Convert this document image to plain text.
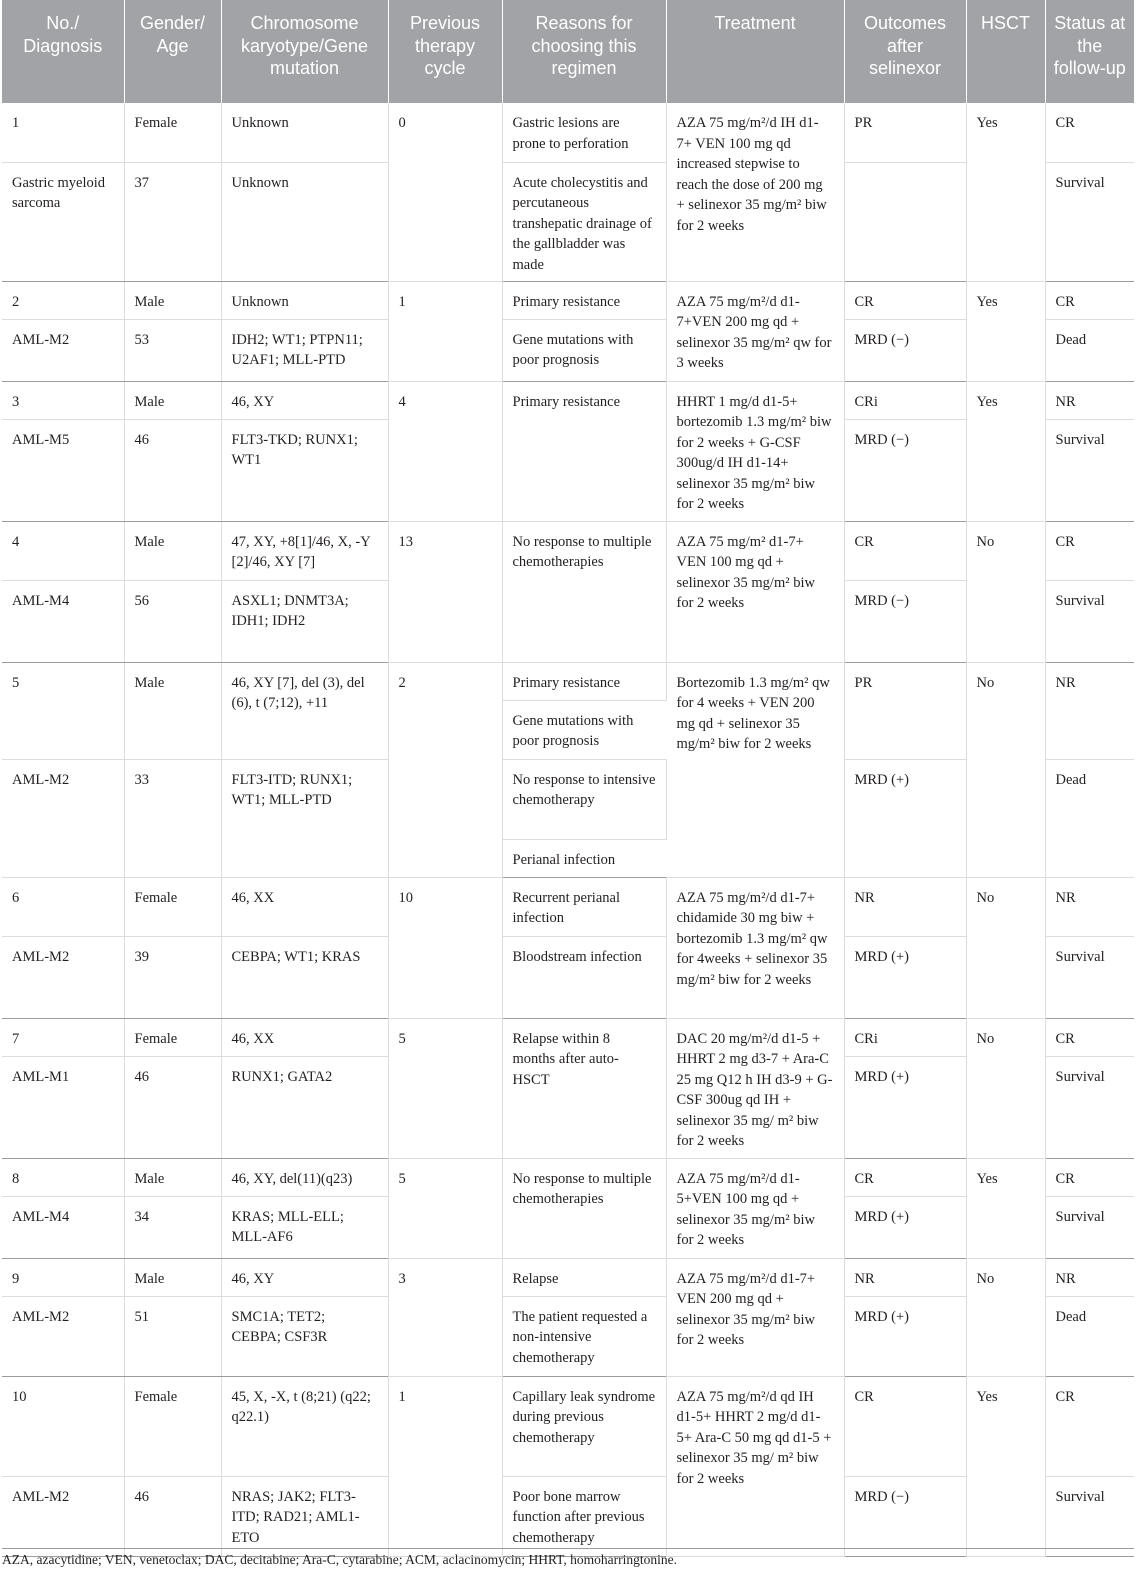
No./ Diagnosis	Gender/ Age	Chromosome karyotype/Gene mutation	Previous therapy cycle	Reasons for choosing this regimen	Treatment	Outcomes after selinexor	HSCT	Status at the follow-up
1	Female	Unknown	0	Gastric lesions are prone to perforation	AZA 75 mg/m²/d IH d1-7+ VEN 100 mg qd increased stepwise to reach the dose of 200 mg + selinexor 35 mg/m² biw for 2 weeks	PR	Yes	CR
Gastric myeloid sarcoma	37	Unknown		Acute cholecystitis and percutaneous transhepatic drainage of the gallbladder was made				Survival
2	Male	Unknown	1	Primary resistance	AZA 75 mg/m²/d d1-7+VEN 200 mg qd + selinexor 35 mg/m² qw for 3 weeks	CR	Yes	CR
AML-M2	53	IDH2; WT1; PTPN11; U2AF1; MLL-PTD		Gene mutations with poor prognosis		MRD (−)		Dead
3	Male	46, XY	4	Primary resistance	HHRT 1 mg/d d1-5+ bortezomib 1.3 mg/m² biw for 2 weeks + G-CSF 300ug/d IH d1-14+ selinexor 35 mg/m² biw for 2 weeks	CRi	Yes	NR
AML-M5	46	FLT3-TKD; RUNX1; WT1				MRD (−)		Survival
4	Male	47, XY, +8[1]/46, X, -Y [2]/46, XY [7]	13	No response to multiple chemotherapies	AZA 75 mg/m² d1-7+ VEN 100 mg qd + selinexor 35 mg/m² biw for 2 weeks	CR	No	CR
AML-M4	56	ASXL1; DNMT3A; IDH1; IDH2				MRD (−)		Survival
5	Male	46, XY [7], del (3), del (6), t (7;12), +11	2	Primary resistance	Bortezomib 1.3 mg/m² qw for 4 weeks + VEN 200 mg qd + selinexor 35 mg/m² biw for 2 weeks	PR	No	NR
				Gene mutations with poor prognosis				
AML-M2	33	FLT3-ITD; RUNX1; WT1; MLL-PTD		No response to intensive chemotherapy		MRD (+)		Dead
				Perianal infection				
6	Female	46, XX	10	Recurrent perianal infection	AZA 75 mg/m²/d d1-7+ chidamide 30 mg biw + bortezomib 1.3 mg/m² qw for 4weeks + selinexor 35 mg/m² biw for 2 weeks	NR	No	NR
AML-M2	39	CEBPA; WT1; KRAS		Bloodstream infection		MRD (+)		Survival
7	Female	46, XX	5	Relapse within 8 months after auto-HSCT	DAC 20 mg/m²/d d1-5 + HHRT 2 mg d3-7 + Ara-C 25 mg Q12 h IH d3-9 + G-CSF 300ug qd IH + selinexor 35 mg/ m² biw for 2 weeks	CRi	No	CR
AML-M1	46	RUNX1; GATA2				MRD (+)		Survival
8	Male	46, XY, del(11)(q23)	5	No response to multiple chemotherapies	AZA 75 mg/m²/d d1-5+VEN 100 mg qd + selinexor 35 mg/m² biw for 2 weeks	CR	Yes	CR
AML-M4	34	KRAS; MLL-ELL; MLL-AF6				MRD (+)		Survival
9	Male	46, XY	3	Relapse	AZA 75 mg/m²/d d1-7+ VEN 200 mg qd + selinexor 35 mg/m² biw for 2 weeks	NR	No	NR
AML-M2	51	SMC1A; TET2; CEBPA; CSF3R		The patient requested a non-intensive chemotherapy		MRD (+)		Dead
10	Female	45, X, -X, t (8;21) (q22; q22.1)	1	Capillary leak syndrome during previous chemotherapy	AZA 75 mg/m²/d qd IH d1-5+ HHRT 2 mg/d d1-5+ Ara-C 50 mg qd d1-5 + selinexor 35 mg/ m² biw for 2 weeks	CR	Yes	CR
AML-M2	46	NRAS; JAK2; FLT3-ITD; RAD21; AML1-ETO		Poor bone marrow function after previous chemotherapy		MRD (−)		Survival
AZA, azacytidine; VEN, venetoclax; DAC, decitabine; Ara-C, cytarabine; ACM, aclacinomycin; HHRT, homoharringtonine.
